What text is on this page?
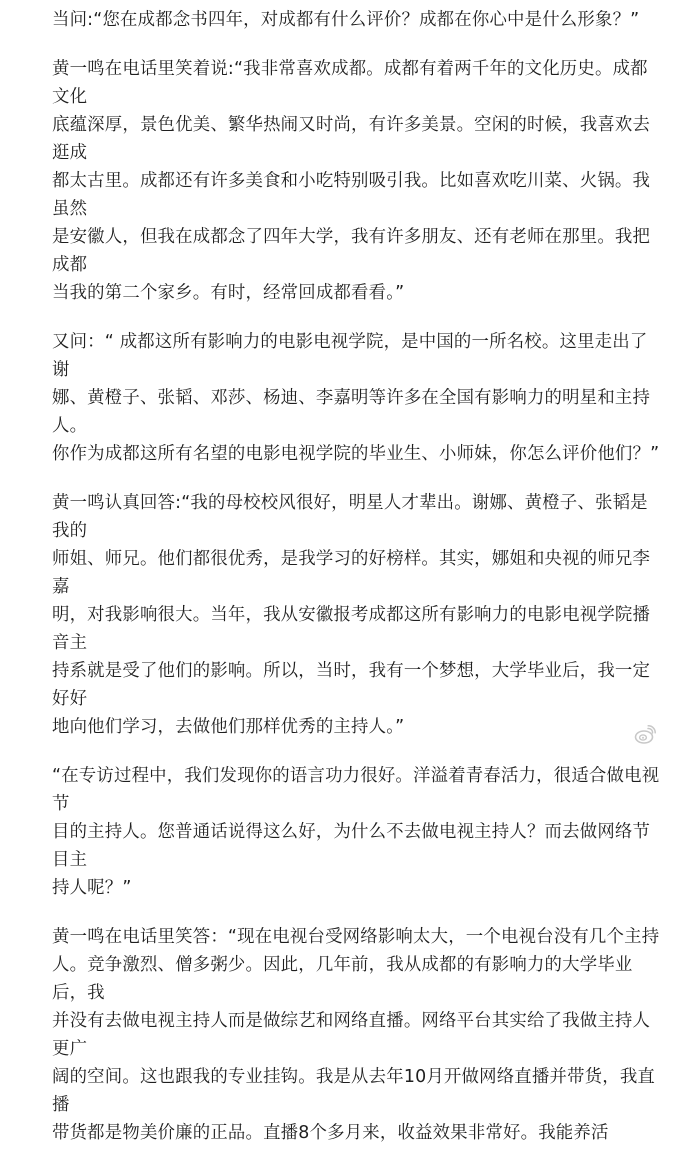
当问:“您在成都念书四年，对成都有什么评价？成都在你心中是什么形象？”

黄一鸣在电话里笑着说:“我非常喜欢成都。成都有着两千年的文化历史。成都文化
底蕴深厚，景色优美、繁华热闹又时尚，有许多美景。空闲的时候，我喜欢去逛成
都太古里。成都还有许多美食和小吃特别吸引我。比如喜欢吃川菜、火锅。我虽然
是安徽人，但我在成都念了四年大学，我有许多朋友、还有老师在那里。我把成都
当我的第二个家乡。有时，经常回成都看看。”

又问：“ 成都这所有影响力的电影电视学院，是中国的一所名校。这里走出了谢
娜、黄橙子、张韬、邓莎、杨迪、李嘉明等许多在全国有影响力的明星和主持人。
你作为成都这所有名望的电影电视学院的毕业生、小师妹，你怎么评价他们？”

黄一鸣认真回答:“我的母校校风很好，明星人才辈出。谢娜、黄橙子、张韬是我的
师姐、师兄。他们都很优秀，是我学习的好榜样。其实，娜姐和央视的师兄李嘉
明，对我影响很大。当年，我从安徽报考成都这所有影响力的电影电视学院播音主
持系就是受了他们的影响。所以，当时，我有一个梦想，大学毕业后，我一定好好
地向他们学习，去做他们那样优秀的主持人。”

“在专访过程中，我们发现你的语言功力很好。洋溢着青春活力，很适合做电视节
目的主持人。您普通话说得这么好，为什么不去做电视主持人？而去做网络节目主
持人呢？”

黄一鸣在电话里笑答：“现在电视台受网络影响太大，一个电视台没有几个主持
人。竞争激烈、僧多粥少。因此，几年前，我从成都的有影响力的大学毕业后，我
并没有去做电视主持人而是做综艺和网络直播。网络平台其实给了我做主持人更广
阔的空间。这也跟我的专业挂钩。我是从去年10月开做网络直播并带货，我直播
带货都是物美价廉的正品。直播8个多月来，收益效果非常好。我能养活
